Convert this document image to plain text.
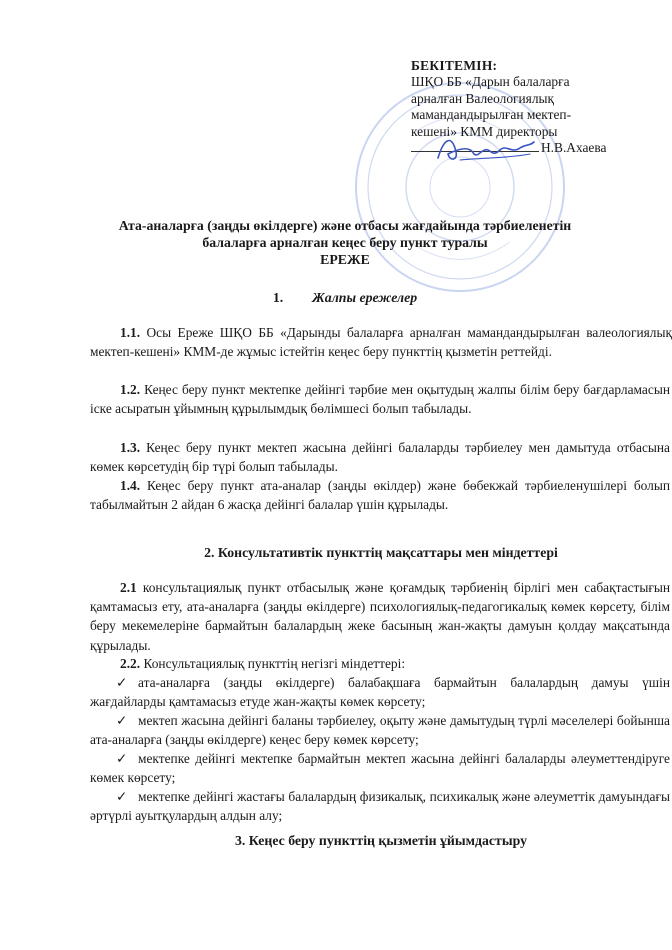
БЕКІТЕМІН:
ШҚО ББ «Дарын балаларға
арналған Валеологиялық
мамандандырылған мектеп-
кешені» КММ директоры
Н.В.Ахаева
Ата-аналарға (заңды өкілдерге) және отбасы жағдайында тәрбиеленетін
балаларға арналған кеңес беру пункт туралы
ЕРЕЖЕ
1. Жалпы ережелер
1.1. Осы Ереже ШҚО ББ «Дарынды балаларға арналған мамандандырылған валеологиялық мектеп-кешені» КММ-де жұмыс істейтін кеңес беру пункттің қызметін реттейді.
1.2. Кеңес беру пункт мектепке дейінгі тәрбие мен оқытудың жалпы білім беру бағдарламасын іске асыратын ұйымның құрылымдық бөлімшесі болып табылады.
1.3. Кеңес беру пункт мектеп жасына дейінгі балаларды тәрбиелеу мен дамытуда отбасына көмек көрсетудің бір түрі болып табылады.
1.4. Кеңес беру пункт ата-аналар (заңды өкілдер) және бөбекжай тәрбиеленушілері болып табылмайтын 2 айдан 6 жасқа дейінгі балалар үшін құрылады.
2. Консультативтік пункттің мақсаттары мен міндеттері
2.1 консультациялық пункт отбасылық және қоғамдық тәрбиенің бірлігі мен сабақтастығын қамтамасыз ету, ата-аналарға (заңды өкілдерге) психологиялық-педагогикалық көмек көрсету, білім беру мекемелеріне бармайтын балалардың жеке басының жан-жақты дамуын қолдау мақсатында құрылады.
2.2. Консультациялық пункттің негізгі міндеттері:
✓ ата-аналарға (заңды өкілдерге) балабақшаға бармайтын балалардың дамуы үшін жағдайларды қамтамасыз етуде жан-жақты көмек көрсету;
✓ мектеп жасына дейінгі баланы тәрбиелеу, оқыту және дамытудың түрлі мәселелері бойынша ата-аналарға (заңды өкілдерге) кеңес беру көмек көрсету;
✓ мектепке дейінгі мектепке бармайтын мектеп жасына дейінгі балаларды әлеуметтендіруге көмек көрсету;
✓ мектепке дейінгі жастағы балалардың физикалық, психикалық және әлеуметтік дамуындағы әртүрлі ауытқулардың алдын алу;
3. Кеңес беру пункттің қызметін ұйымдастыру
